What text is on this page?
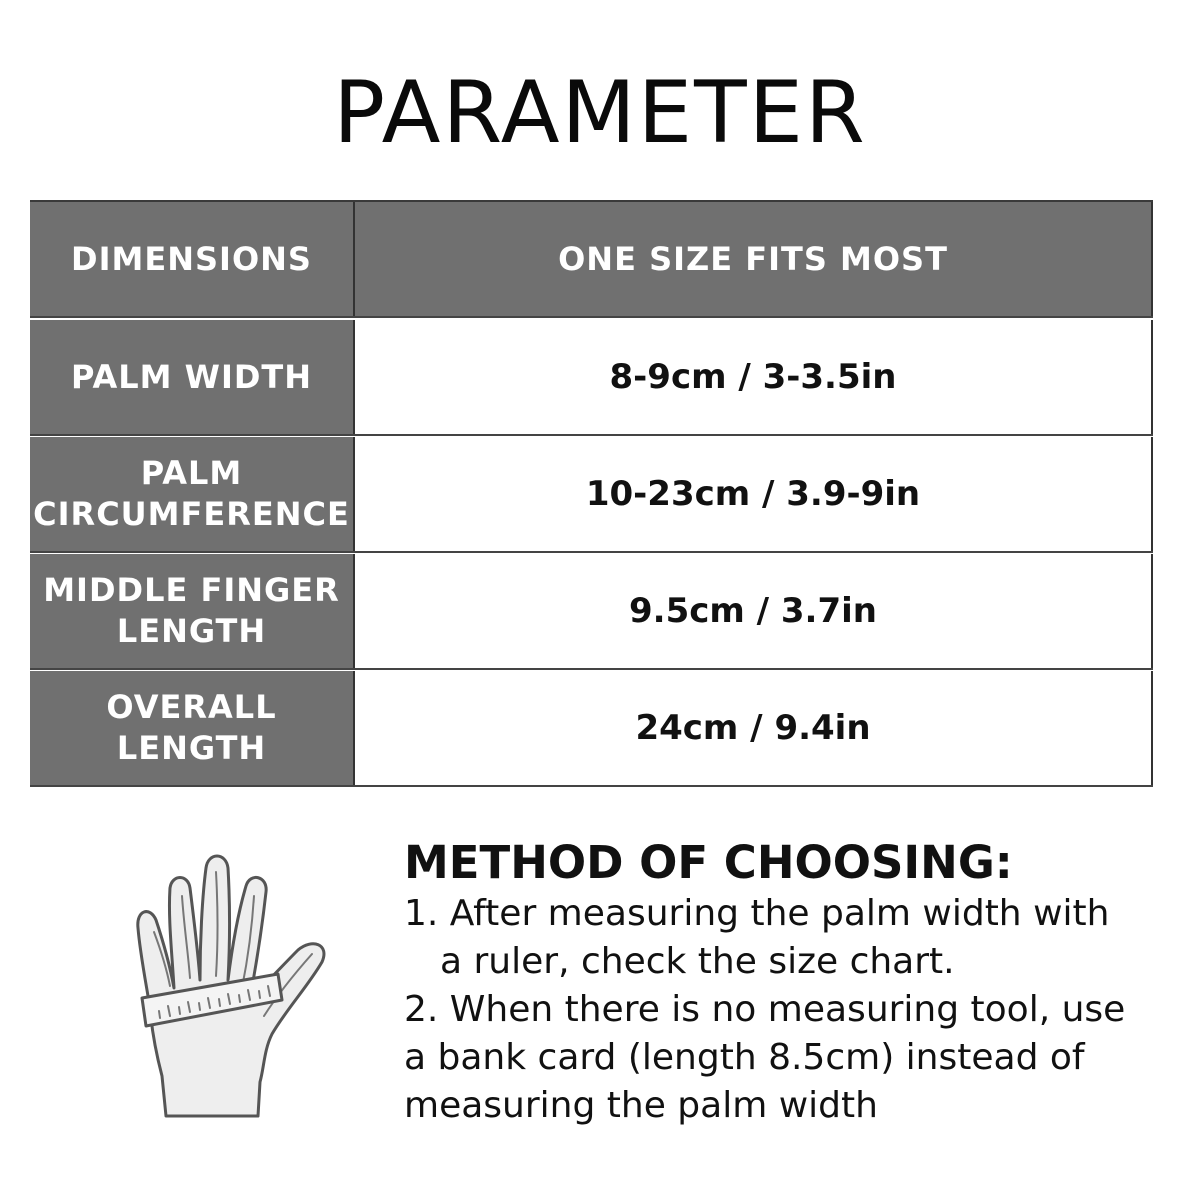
PARAMETER
DIMENSIONS	ONE SIZE FITS MOST
PALM WIDTH	8-9cm / 3-3.5in
PALM
CIRCUMFERENCE	10-23cm / 3.9-9in
MIDDLE FINGER
LENGTH	9.5cm / 3.7in
OVERALL LENGTH	24cm / 9.4in
METHOD OF CHOOSING:
1. After measuring the palm width with
a ruler, check the size chart.
2. When there is no measuring tool, use
a bank card (length 8.5cm) instead of
measuring the palm width
